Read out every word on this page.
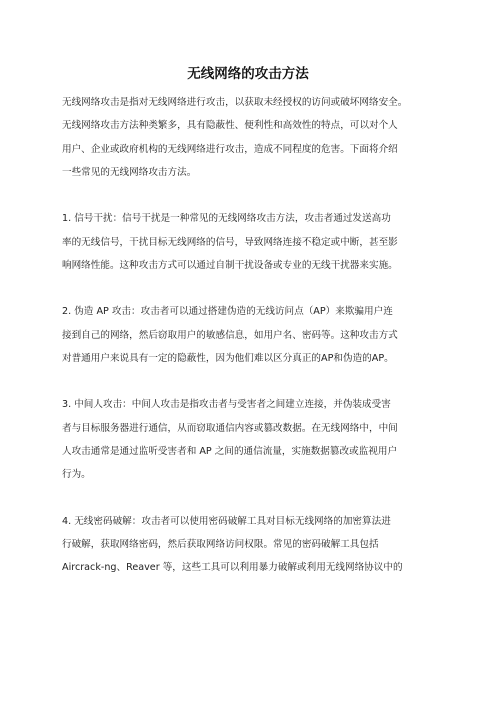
无线网络的攻击方法
无线网络攻击是指对无线网络进行攻击，以获取未经授权的访问或破坏网络安全。
无线网络攻击方法种类繁多，具有隐蔽性、便利性和高效性的特点，可以对个人
用户、企业或政府机构的无线网络进行攻击，造成不同程度的危害。下面将介绍
一些常见的无线网络攻击方法。
1. 信号干扰：信号干扰是一种常见的无线网络攻击方法，攻击者通过发送高功
率的无线信号，干扰目标无线网络的信号，导致网络连接不稳定或中断，甚至影
响网络性能。这种攻击方式可以通过自制干扰设备或专业的无线干扰器来实施。
2. 伪造 AP 攻击：攻击者可以通过搭建伪造的无线访问点（AP）来欺骗用户连
接到自己的网络，然后窃取用户的敏感信息，如用户名、密码等。这种攻击方式
对普通用户来说具有一定的隐蔽性，因为他们难以区分真正的AP和伪造的AP。
3. 中间人攻击：中间人攻击是指攻击者与受害者之间建立连接，并伪装成受害
者与目标服务器进行通信，从而窃取通信内容或篡改数据。在无线网络中，中间
人攻击通常是通过监听受害者和 AP 之间的通信流量，实施数据篡改或监视用户
行为。
4. 无线密码破解：攻击者可以使用密码破解工具对目标无线网络的加密算法进
行破解，获取网络密码，然后获取网络访问权限。常见的密码破解工具包括
Aircrack-ng、Reaver 等，这些工具可以利用暴力破解或利用无线网络协议中的
